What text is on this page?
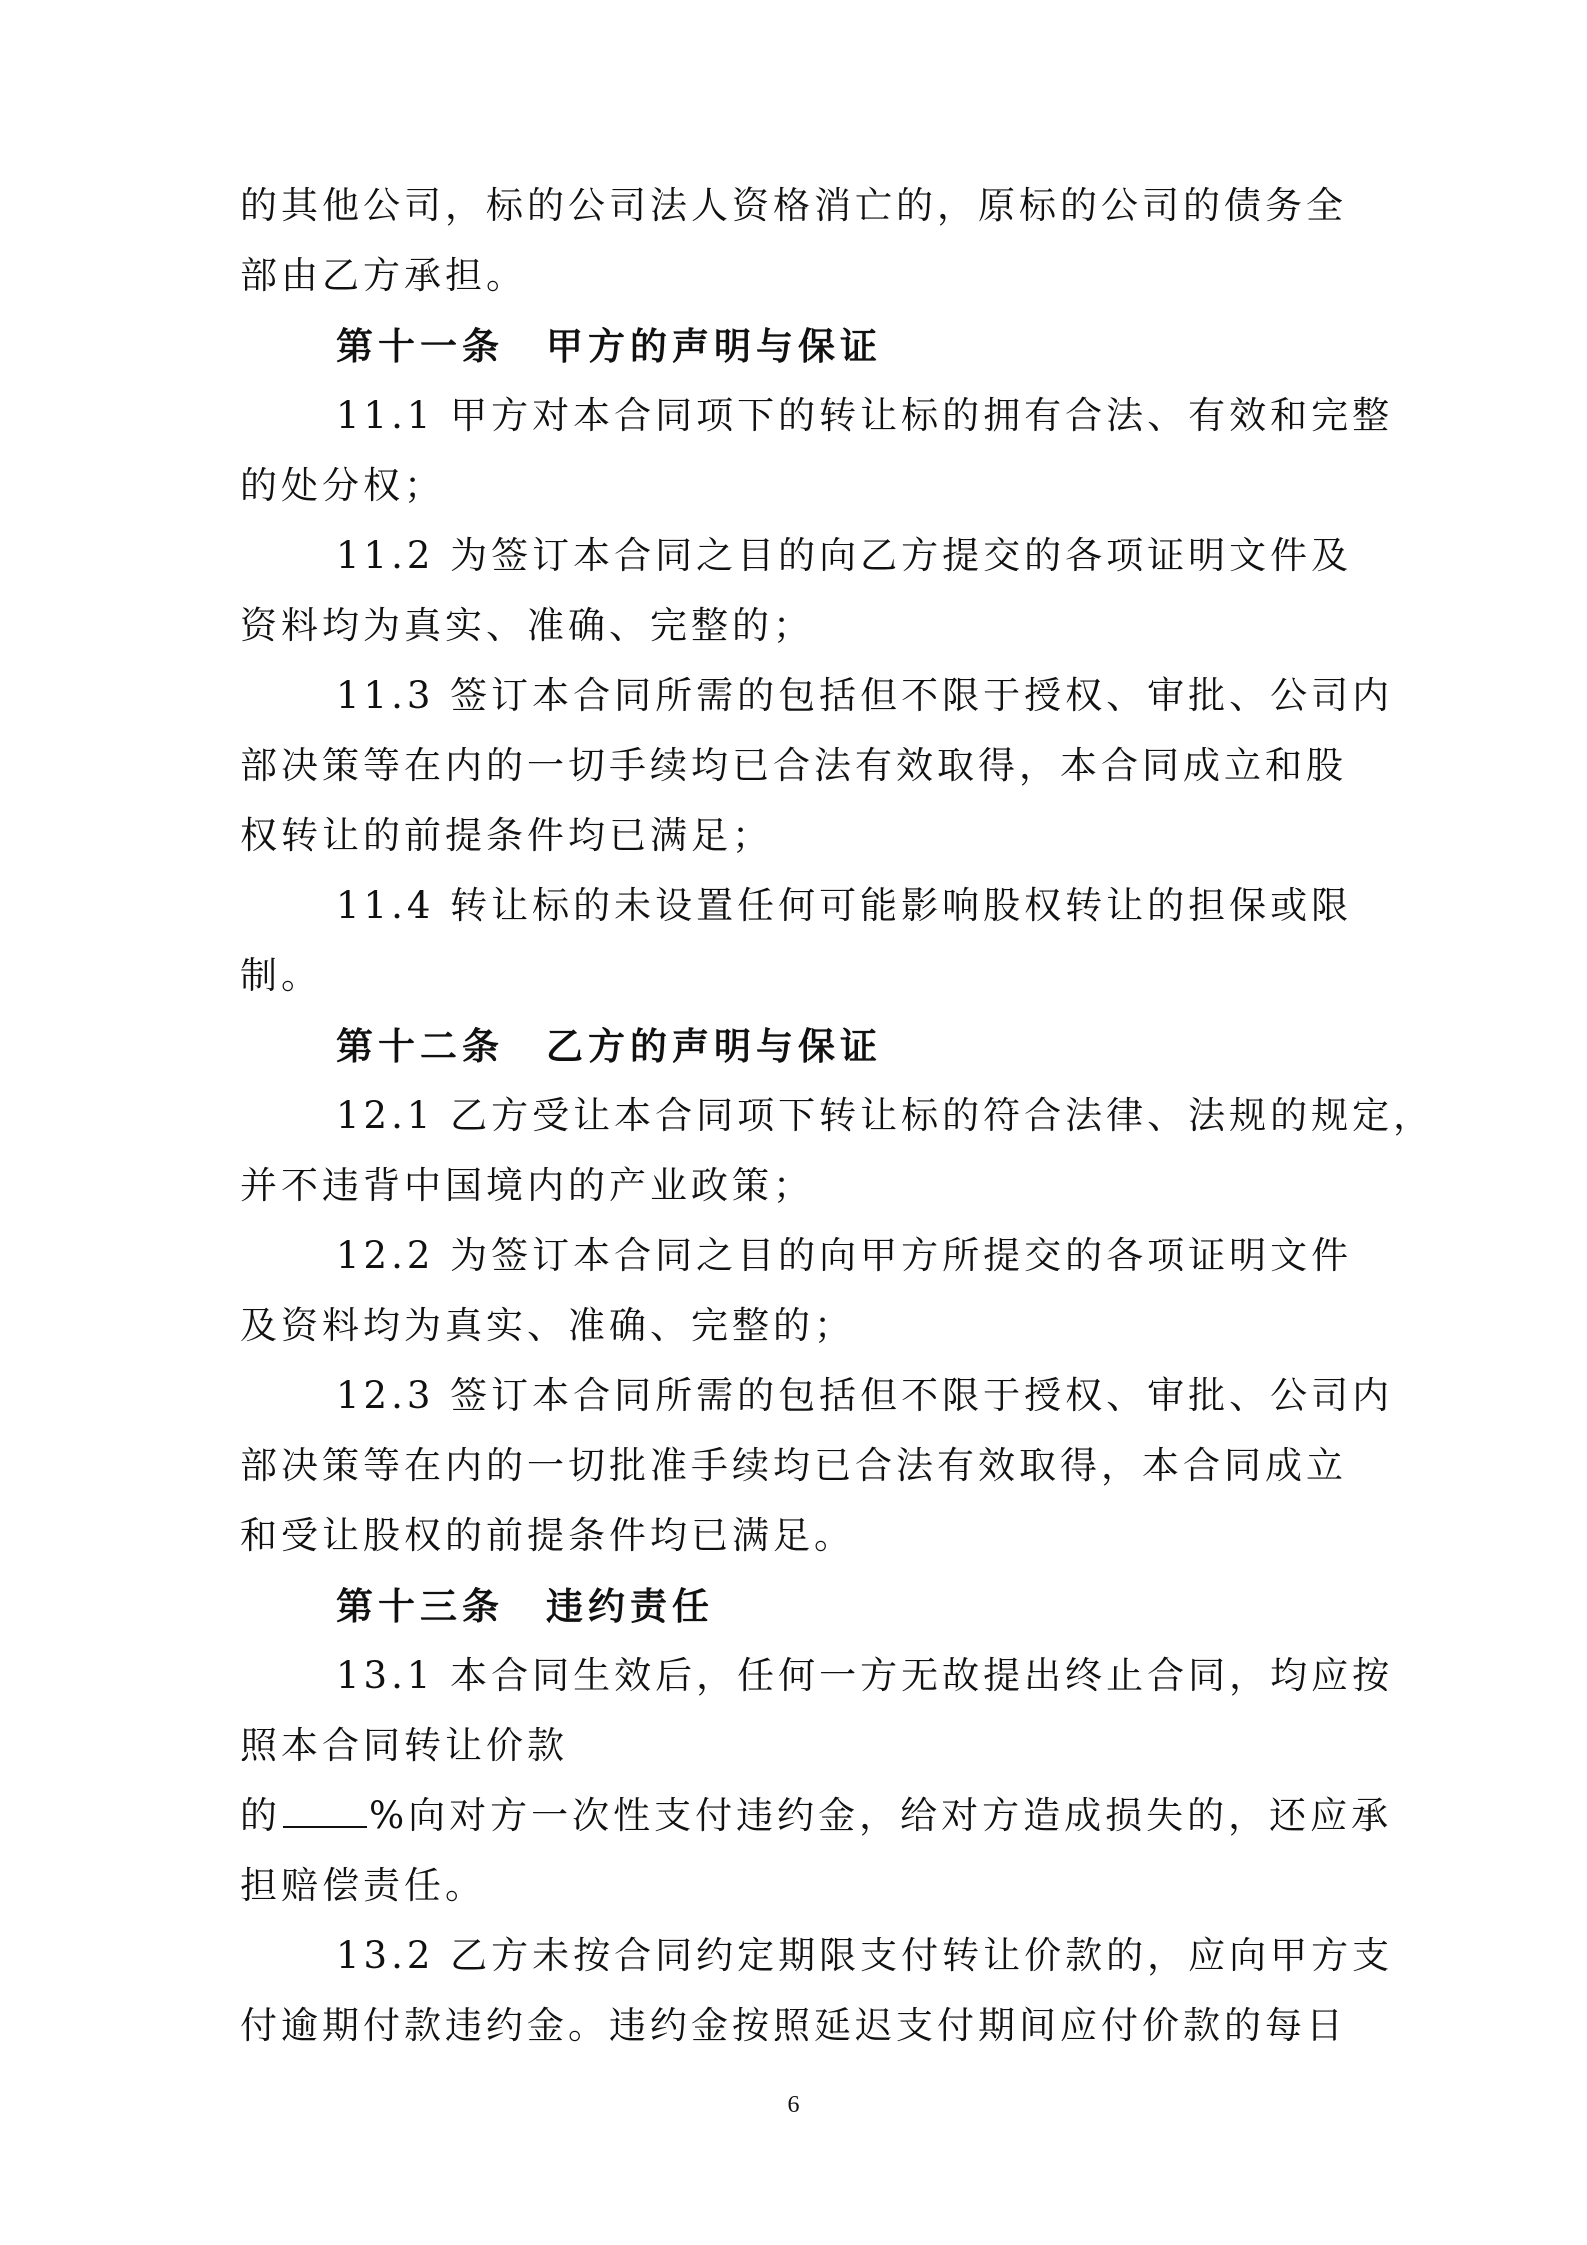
的其他公司，标的公司法人资格消亡的，原标的公司的债务全
部由乙方承担。
第十一条　甲方的声明与保证
11.1 甲方对本合同项下的转让标的拥有合法、有效和完整
的处分权；
11.2 为签订本合同之目的向乙方提交的各项证明文件及
资料均为真实、准确、完整的；
11.3 签订本合同所需的包括但不限于授权、审批、公司内
部决策等在内的一切手续均已合法有效取得，本合同成立和股
权转让的前提条件均已满足；
11.4 转让标的未设置任何可能影响股权转让的担保或限
制。
第十二条　乙方的声明与保证
12.1 乙方受让本合同项下转让标的符合法律、法规的规定，
并不违背中国境内的产业政策；
12.2 为签订本合同之目的向甲方所提交的各项证明文件
及资料均为真实、准确、完整的；
12.3 签订本合同所需的包括但不限于授权、审批、公司内
部决策等在内的一切批准手续均已合法有效取得，本合同成立
和受让股权的前提条件均已满足。
第十三条　违约责任
13.1 本合同生效后，任何一方无故提出终止合同，均应按
照本合同转让价款
的 %向对方一次性支付违约金，给对方造成损失的，还应承
担赔偿责任。
13.2 乙方未按合同约定期限支付转让价款的，应向甲方支
付逾期付款违约金。违约金按照延迟支付期间应付价款的每日
6
